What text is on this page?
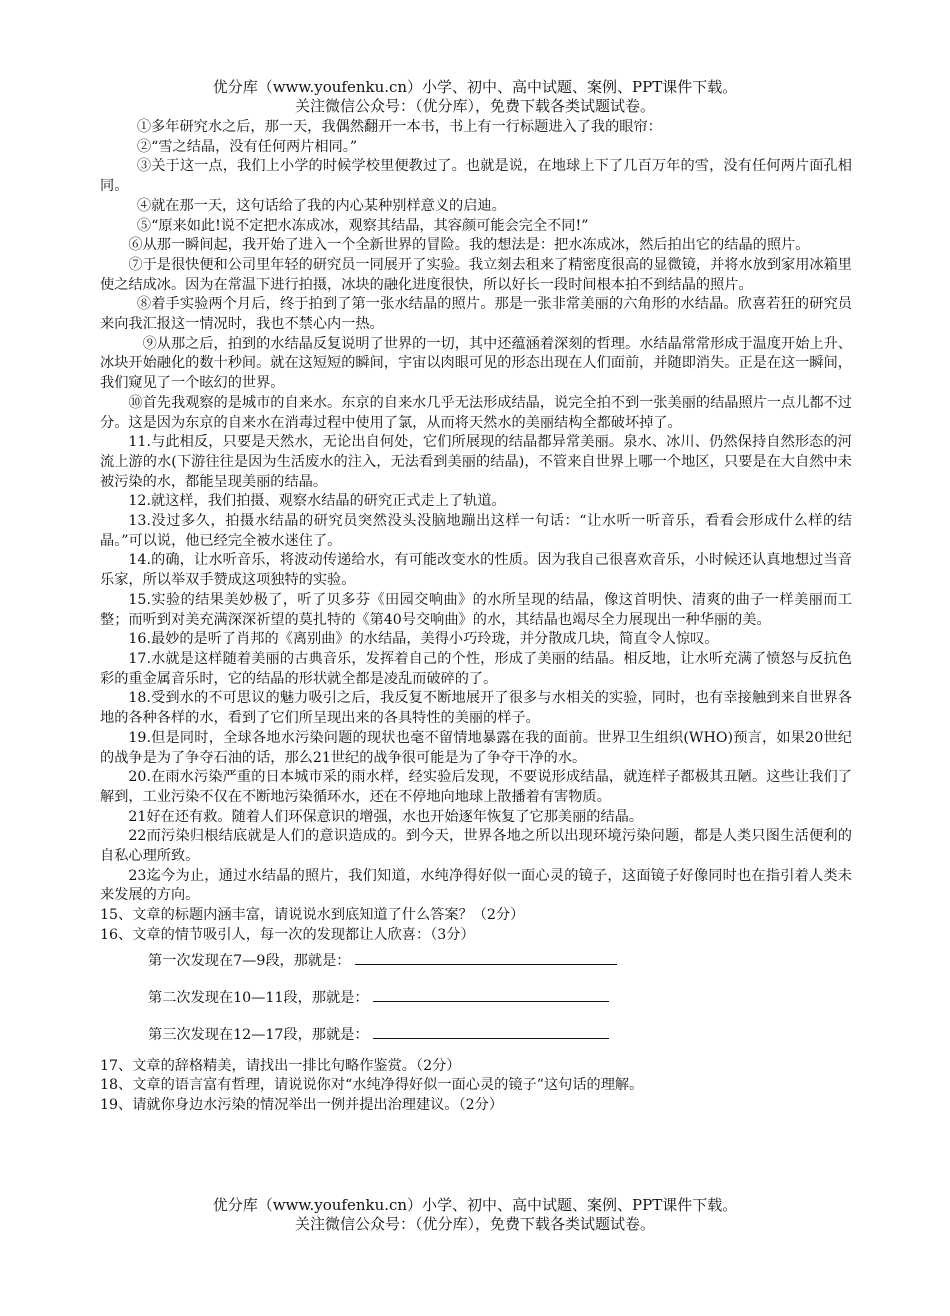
优分库（www.youfenku.cn）小学、初中、高中试题、案例、PPT课件下载。
关注微信公众号：（优分库），免费下载各类试题试卷。

①多年研究水之后，那一天，我偶然翻开一本书，书上有一行标题进入了我的眼帘：

②“雪之结晶，没有任何两片相同。”

③关于这一点，我们上小学的时候学校里便教过了。也就是说，在地球上下了几百万年的雪，没有任何两片面孔相同。

④就在那一天，这句话给了我的内心某种别样意义的启迪。

⑤“原来如此!说不定把水冻成冰，观察其结晶，其容颜可能会完全不同!”

⑥从那一瞬间起，我开始了进入一个全新世界的冒险。我的想法是：把水冻成冰，然后拍出它的结晶的照片。

⑦于是很快便和公司里年轻的研究员一同展开了实验。我立刻去租来了精密度很高的显微镜，并将水放到家用冰箱里使之结成冰。因为在常温下进行拍摄，冰块的融化进度很快，所以好长一段时间根本拍不到结晶的照片。

⑧着手实验两个月后，终于拍到了第一张水结晶的照片。那是一张非常美丽的六角形的水结晶。欣喜若狂的研究员来向我汇报这一情况时，我也不禁心内一热。

⑨从那之后，拍到的水结晶反复说明了世界的一切，其中还蕴涵着深刻的哲理。水结晶常常形成于温度开始上升、冰块开始融化的数十秒间。就在这短短的瞬间，宇宙以肉眼可见的形态出现在人们面前，并随即消失。正是在这一瞬间，我们窥见了一个眩幻的世界。

⑩首先我观察的是城市的自来水。东京的自来水几乎无法形成结晶，说完全拍不到一张美丽的结晶照片一点儿都不过分。这是因为东京的自来水在消毒过程中使用了氯，从而将天然水的美丽结构全都破坏掉了。

11.与此相反，只要是天然水，无论出自何处，它们所展现的结晶都异常美丽。泉水、冰川、仍然保持自然形态的河流上游的水(下游往往是因为生活废水的注入，无法看到美丽的结晶)，不管来自世界上哪一个地区，只要是在大自然中未被污染的水，都能呈现美丽的结晶。

12.就这样，我们拍摄、观察水结晶的研究正式走上了轨道。

13.没过多久，拍摄水结晶的研究员突然没头没脑地蹦出这样一句话：“让水听一听音乐，看看会形成什么样的结晶。”可以说，他已经完全被水迷住了。

14.的确，让水听音乐，将波动传递给水，有可能改变水的性质。因为我自己很喜欢音乐，小时候还认真地想过当音乐家，所以举双手赞成这项独特的实验。

15.实验的结果美妙极了，听了贝多芬《田园交响曲》的水所呈现的结晶，像这首明快、清爽的曲子一样美丽而工整；而听到对美充满深深祈望的莫扎特的《第40号交响曲》的水，其结晶也竭尽全力展现出一种华丽的美。

16.最妙的是听了肖邦的《离别曲》的水结晶，美得小巧玲珑，并分散成几块，简直令人惊叹。

17.水就是这样随着美丽的古典音乐，发挥着自己的个性，形成了美丽的结晶。相反地，让水听充满了愤怒与反抗色彩的重金属音乐时，它的结晶的形状就全都是凌乱而破碎的了。

18.受到水的不可思议的魅力吸引之后，我反复不断地展开了很多与水相关的实验，同时，也有幸接触到来自世界各地的各种各样的水，看到了它们所呈现出来的各具特性的美丽的样子。

19.但是同时，全球各地水污染问题的现状也毫不留情地暴露在我的面前。世界卫生组织(WHO)预言，如果20世纪的战争是为了争夺石油的话，那么21世纪的战争很可能是为了争夺干净的水。

20.在雨水污染严重的日本城市采的雨水样，经实验后发现，不要说形成结晶，就连样子都极其丑陋。这些让我们了解到，工业污染不仅在不断地污染循环水，还在不停地向地球上散播着有害物质。

21好在还有救。随着人们环保意识的增强，水也开始逐年恢复了它那美丽的结晶。

22而污染归根结底就是人们的意识造成的。到今天，世界各地之所以出现环境污染问题，都是人类只图生活便利的自私心理所致。

23迄今为止，通过水结晶的照片，我们知道，水纯净得好似一面心灵的镜子，这面镜子好像同时也在指引着人类未来发展的方向。

15、文章的标题内涵丰富，请说说水到底知道了什么答案？（2分）

16、文章的情节吸引人，每一次的发现都让人欣喜：（3分）

第一次发现在7—9段，那就是：

第二次发现在10—11段，那就是：

第三次发现在12—17段，那就是：

17、文章的辞格精美，请找出一排比句略作鉴赏。（2分）

18、文章的语言富有哲理，请说说你对“水纯净得好似一面心灵的镜子”这句话的理解。

19、请就你身边水污染的情况举出一例并提出治理建议。（2分）

优分库（www.youfenku.cn）小学、初中、高中试题、案例、PPT课件下载。
关注微信公众号：（优分库），免费下载各类试题试卷。
